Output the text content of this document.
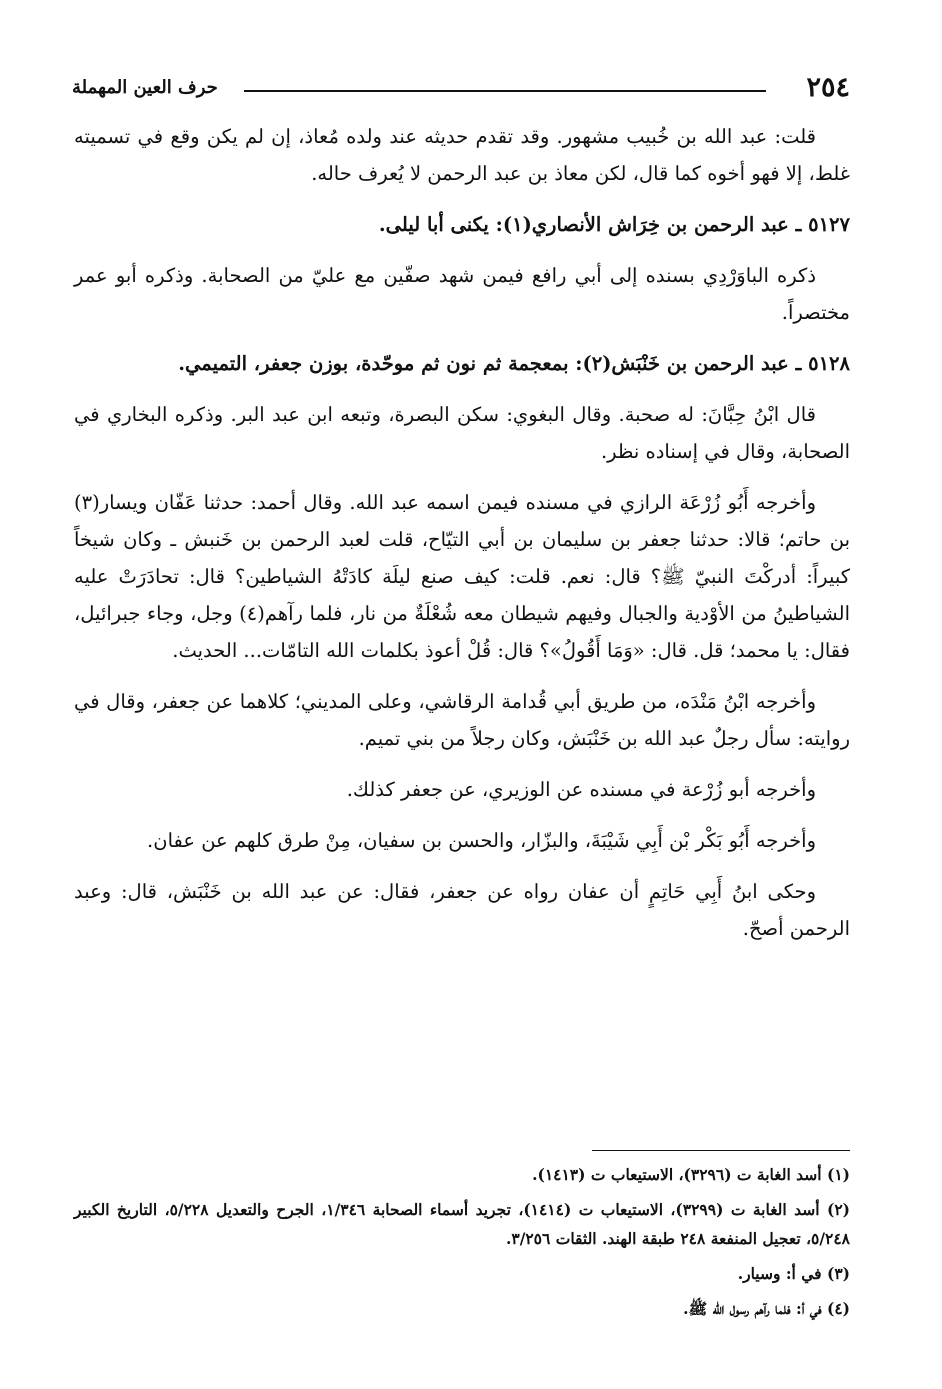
٢٥٤
حرف العين المهملة

قلت: عبد الله بن خُبيب مشهور. وقد تقدم حديثه عند ولده مُعاذ، إن لم يكن وقع في تسميته غلط، إلا فهو أخوه كما قال، لكن معاذ بن عبد الرحمن لا يُعرف حاله.

٥١٢٧ ـ عبد الرحمن بن خِرَاش الأنصاري(١): يكنى أبا ليلى.

ذكره الباوَرْدِي بسنده إلى أبي رافع فيمن شهد صفّين مع عليّ من الصحابة. وذكره أبو عمر مختصراً.

٥١٢٨ ـ عبد الرحمن بن خَنْبَش(٢): بمعجمة ثم نون ثم موحّدة، بوزن جعفر، التميمي.

قال ابْنُ حِبَّانَ: له صحبة. وقال البغوي: سكن البصرة، وتبعه ابن عبد البر. وذكره البخاري في الصحابة، وقال في إسناده نظر.

وأخرجه أَبُو زُرْعَة الرازي في مسنده فيمن اسمه عبد الله. وقال أحمد: حدثنا عَفّان ويسار(٣) بن حاتم؛ قالا: حدثنا جعفر بن سليمان بن أبي التيّاح، قلت لعبد الرحمن بن خَنبش ـ وكان شيخاً كبيراً: أدركْتَ النبيّ ﷺ؟ قال: نعم. قلت: كيف صنع ليلَة كادَتْهُ الشياطين؟ قال: تحادَرَتْ عليه الشياطينُ من الأوْدية والجبال وفيهم شيطان معه شُعْلَةٌ من نار، فلما رآهم(٤) وجل، وجاء جبرائيل، فقال: يا محمد؛ قل. قال: «وَمَا أَقُولُ»؟ قال: قُلْ أعوذ بكلمات الله التامّات... الحديث.

وأخرجه ابْنُ مَنْدَه، من طريق أبي قُدامة الرقاشي، وعلى المديني؛ كلاهما عن جعفر، وقال في روايته: سأل رجلٌ عبد الله بن خَنْبَش، وكان رجلاً من بني تميم.

وأخرجه أبو زُرْعة في مسنده عن الوزيري، عن جعفر كذلك.

وأخرجه أَبُو بَكْر بْن أَبِي شَيْبَةَ، والبزّار، والحسن بن سفيان، مِنْ طرق كلهم عن عفان.

وحكى ابنُ أَبِي حَاتِمٍ أن عفان رواه عن جعفر، فقال: عن عبد الله بن خَنْبَش، قال: وعبد الرحمن أصحّ.

(١) أسد الغابة ت (٣٢٩٦)، الاستيعاب ت (١٤١٣).

(٢) أسد الغابة ت (٣٢٩٩)، الاستيعاب ت (١٤١٤)، تجريد أسماء الصحابة ١/٣٤٦، الجرح والتعديل ٥/٢٢٨، التاريخ الكبير ٥/٢٤٨، تعجيل المنفعة ٢٤٨ طبقة الهند. الثقات ٣/٢٥٦.

(٣) في أ: وسيار.

(٤) في أ: فلما رآهم رسول الله ﷺ.
